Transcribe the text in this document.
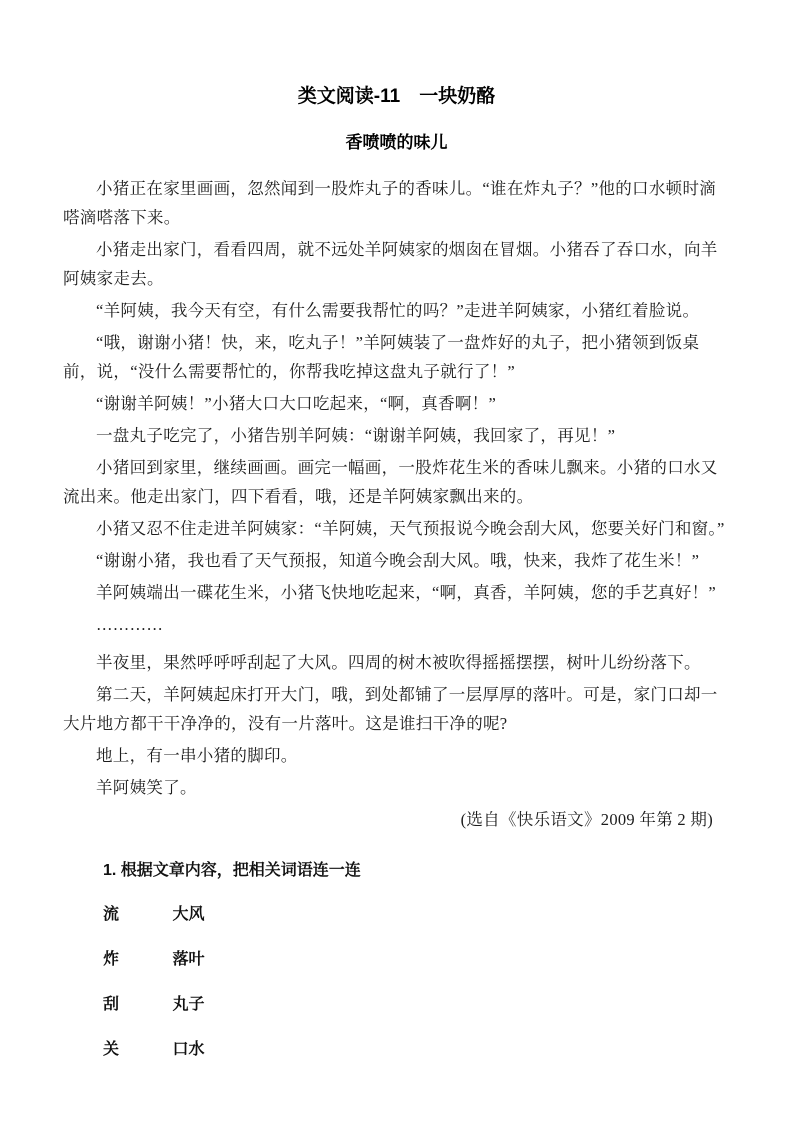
类文阅读-11　一块奶酪
香喷喷的味儿

小猪正在家里画画，忽然闻到一股炸丸子的香味儿。“谁在炸丸子？”他的口水顿时滴嗒滴嗒落下来。

小猪走出家门，看看四周，就不远处羊阿姨家的烟囱在冒烟。小猪吞了吞口水，向羊阿姨家走去。

“羊阿姨，我今天有空，有什么需要我帮忙的吗？”走进羊阿姨家，小猪红着脸说。

“哦，谢谢小猪！快，来，吃丸子！”羊阿姨装了一盘炸好的丸子，把小猪领到饭桌前，说，“没什么需要帮忙的，你帮我吃掉这盘丸子就行了！”

“谢谢羊阿姨！”小猪大口大口吃起来，“啊，真香啊！”

一盘丸子吃完了，小猪告别羊阿姨：“谢谢羊阿姨，我回家了，再见！”

小猪回到家里，继续画画。画完一幅画，一股炸花生米的香味儿飘来。小猪的口水又流出来。他走出家门，四下看看，哦，还是羊阿姨家飘出来的。

小猪又忍不住走进羊阿姨家：“羊阿姨，天气预报说今晚会刮大风，您要关好门和窗。”

“谢谢小猪，我也看了天气预报，知道今晚会刮大风。哦，快来，我炸了花生米！”

羊阿姨端出一碟花生米，小猪飞快地吃起来，“啊，真香，羊阿姨，您的手艺真好！”

…………

半夜里，果然呼呼呼刮起了大风。四周的树木被吹得摇摇摆摆，树叶儿纷纷落下。

第二天，羊阿姨起床打开大门，哦，到处都铺了一层厚厚的落叶。可是，家门口却一大片地方都干干净净的，没有一片落叶。这是谁扫干净的呢?

地上，有一串小猪的脚印。

羊阿姨笑了。

(选自《快乐语文》2009 年第 2 期)

1. 根据文章内容，把相关词语连一连

流	大风
炸	落叶
刮	丸子
关	口水
